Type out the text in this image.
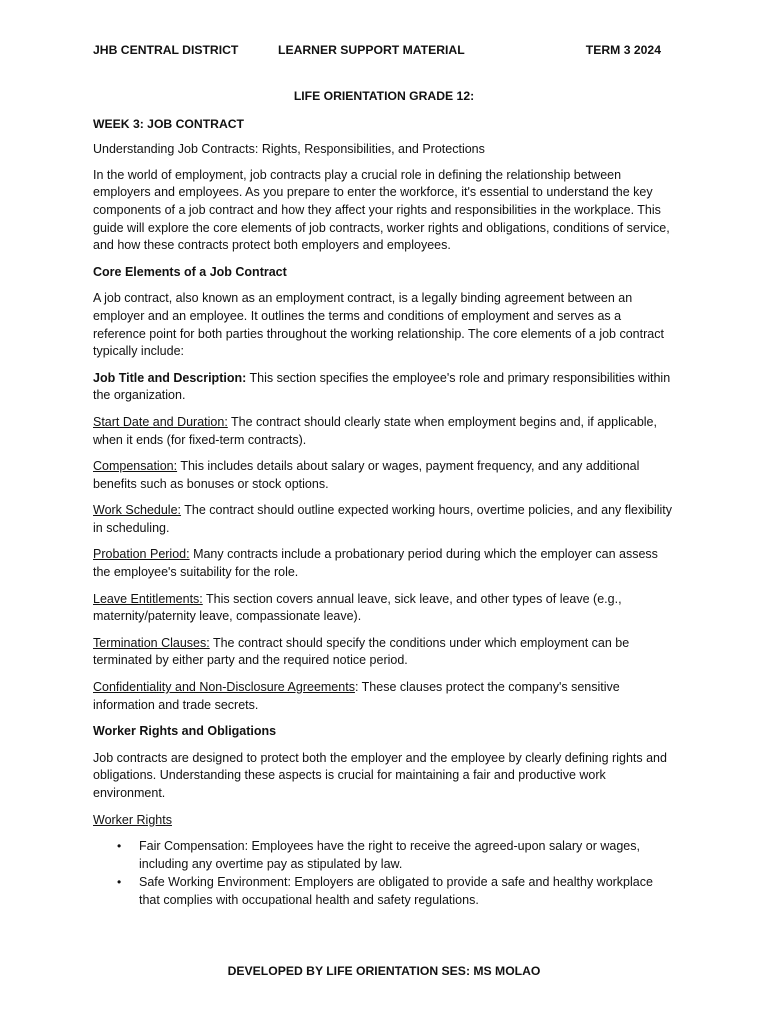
JHB CENTRAL DISTRICT	LEARNER SUPPORT MATERIAL	TERM 3 2024
LIFE ORIENTATION GRADE 12:
WEEK 3: JOB CONTRACT

Understanding Job Contracts: Rights, Responsibilities, and Protections

In the world of employment, job contracts play a crucial role in defining the relationship between employers and employees. As you prepare to enter the workforce, it's essential to understand the key components of a job contract and how they affect your rights and responsibilities in the workplace. This guide will explore the core elements of job contracts, worker rights and obligations, conditions of service, and how these contracts protect both employers and employees.

Core Elements of a Job Contract

A job contract, also known as an employment contract, is a legally binding agreement between an employer and an employee. It outlines the terms and conditions of employment and serves as a reference point for both parties throughout the working relationship. The core elements of a job contract typically include:

Job Title and Description: This section specifies the employee's role and primary responsibilities within the organization.

Start Date and Duration: The contract should clearly state when employment begins and, if applicable, when it ends (for fixed-term contracts).

Compensation: This includes details about salary or wages, payment frequency, and any additional benefits such as bonuses or stock options.

Work Schedule: The contract should outline expected working hours, overtime policies, and any flexibility in scheduling.

Probation Period: Many contracts include a probationary period during which the employer can assess the employee's suitability for the role.

Leave Entitlements: This section covers annual leave, sick leave, and other types of leave (e.g., maternity/paternity leave, compassionate leave).

Termination Clauses: The contract should specify the conditions under which employment can be terminated by either party and the required notice period.

Confidentiality and Non-Disclosure Agreements: These clauses protect the company's sensitive information and trade secrets.

Worker Rights and Obligations

Job contracts are designed to protect both the employer and the employee by clearly defining rights and obligations. Understanding these aspects is crucial for maintaining a fair and productive work environment.

Worker Rights

• Fair Compensation: Employees have the right to receive the agreed-upon salary or wages, including any overtime pay as stipulated by law.
• Safe Working Environment: Employers are obligated to provide a safe and healthy workplace that complies with occupational health and safety regulations.
DEVELOPED BY LIFE ORIENTATION SES: MS MOLAO
